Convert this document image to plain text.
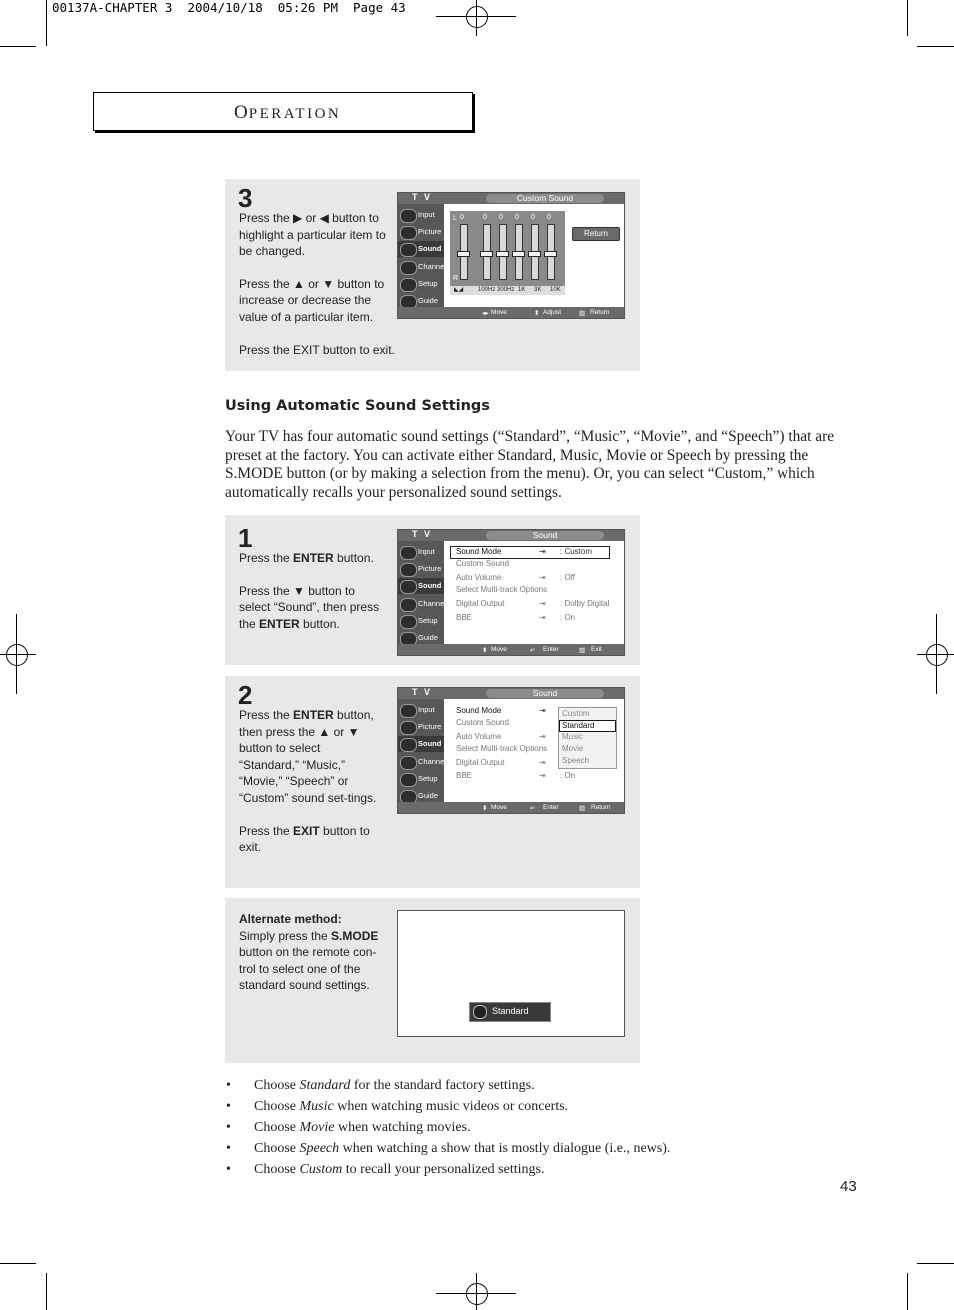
00137A-CHAPTER 3  2004/10/18  05:26 PM  Page 43
OPERATION
3

Press the ▶ or ◀ button to highlight a particular item to be changed.

Press the ▲ or ▼ button to increase or decrease the value of a particular item.

Press the EXIT button to exit.

T V	Custom Sound
Input
Picture
Sound
Channel
Setup
Guide
L
R
0	0 0 0 0 0
◣◢ 100Hz 300Hz 1K 3K 10K
Return
◂▸ Move	⬍ Adjust	▥ Return
Using Automatic Sound Settings
Your TV has four automatic sound settings (“Standard”, “Music”, “Movie”, and “Speech”) that are preset at the factory. You can activate either Standard, Music, Movie or Speech by pressing the S.MODE button (or by making a selection from the menu). Or, you can select “Custom,” which automatically recalls your personalized sound settings.
1

Press the ENTER button.

Press the ▼ button to select “Sound”, then press the ENTER button.

T V	Sound
Input
Picture
Sound
Channel
Setup
Guide
Sound Mode	⇥ : Custom
Custom Sound
Auto Volume	⇥ : Off
Select Multi-track Options
Digital Output	⇥ : Dolby Digital
BBE	⇥ : On
⬍ Move	↵ Enter	▥ Exit
2

Press the ENTER button, then press the ▲ or ▼ button to select “Standard,” “Music,” “Movie,” “Speech” or “Custom” sound set-tings.

Press the EXIT button to exit.

T V	Sound
Input
Picture
Sound
Channel
Setup
Guide
Sound Mode	⇥
Custom Sound
Auto Volume	⇥
Select Multi-track Options
Digital Output	⇥
BBE	⇥ : On
Custom
Standard
Music
Movie
Speech
⬍ Move	↵ Enter	▥ Return
Alternate method:
Simply press the S.MODE button on the remote con-trol to select one of the standard sound settings.
Standard
• Choose Standard for the standard factory settings.
• Choose Music when watching music videos or concerts.
• Choose Movie when watching movies.
• Choose Speech when watching a show that is mostly dialogue (i.e., news).
• Choose Custom to recall your personalized settings.
43
